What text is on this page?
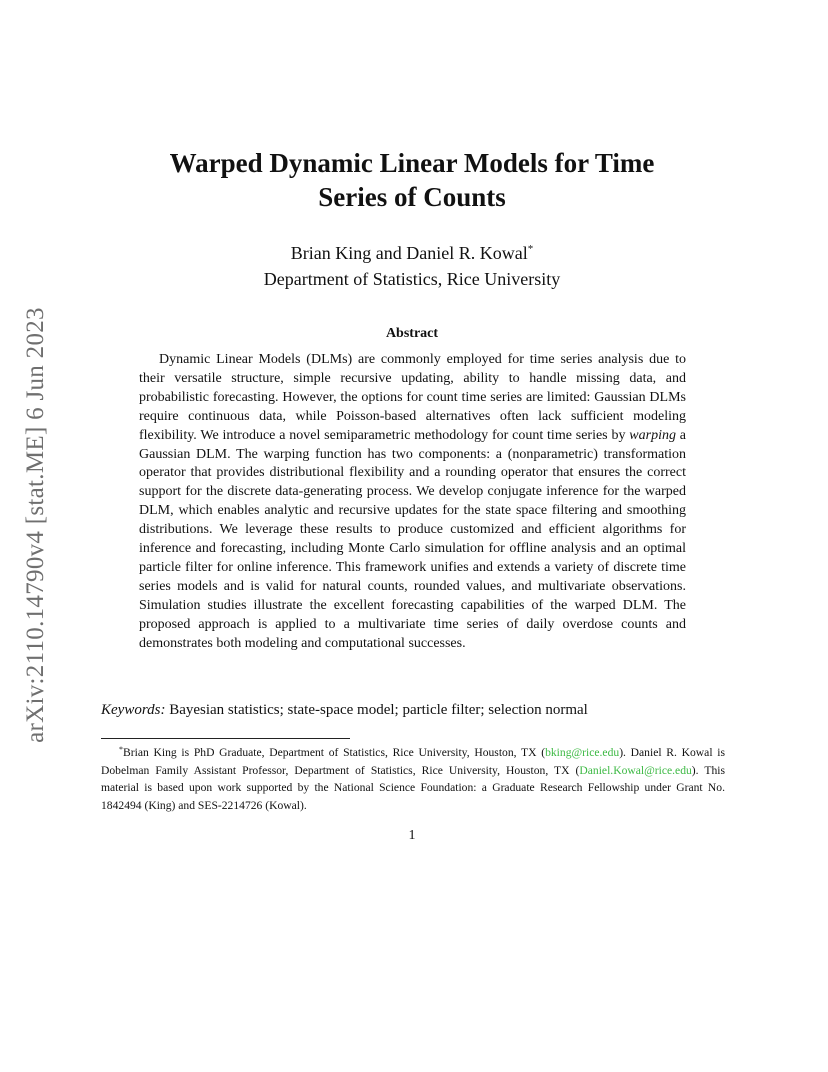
arXiv:2110.14790v4 [stat.ME] 6 Jun 2023
Warped Dynamic Linear Models for Time
Series of Counts
Brian King and Daniel R. Kowal*
Department of Statistics, Rice University
Abstract

Dynamic Linear Models (DLMs) are commonly employed for time series analysis due to their versatile structure, simple recursive updating, ability to handle missing data, and probabilistic forecasting. However, the options for count time series are limited: Gaussian DLMs require continuous data, while Poisson-based alternatives often lack sufficient modeling flexibility. We introduce a novel semiparametric methodology for count time series by warping a Gaussian DLM. The warping function has two components: a (nonparametric) transformation operator that provides distributional flexibility and a rounding operator that ensures the correct support for the discrete data-generating process. We develop conjugate inference for the warped DLM, which enables analytic and recursive updates for the state space filtering and smoothing distributions. We leverage these results to produce customized and efficient algorithms for inference and forecasting, including Monte Carlo simulation for offline analysis and an optimal particle filter for online inference. This framework unifies and extends a variety of discrete time series models and is valid for natural counts, rounded values, and multivariate observations. Simulation studies illustrate the excellent forecasting capabilities of the warped DLM. The proposed approach is applied to a multivariate time series of daily overdose counts and demonstrates both modeling and computational successes.

Keywords: Bayesian statistics; state-space model; particle filter; selection normal

*Brian King is PhD Graduate, Department of Statistics, Rice University, Houston, TX (bking@rice.edu). Daniel R. Kowal is Dobelman Family Assistant Professor, Department of Statistics, Rice University, Houston, TX (Daniel.Kowal@rice.edu). This material is based upon work supported by the National Science Foundation: a Graduate Research Fellowship under Grant No. 1842494 (King) and SES-2214726 (Kowal).

1
